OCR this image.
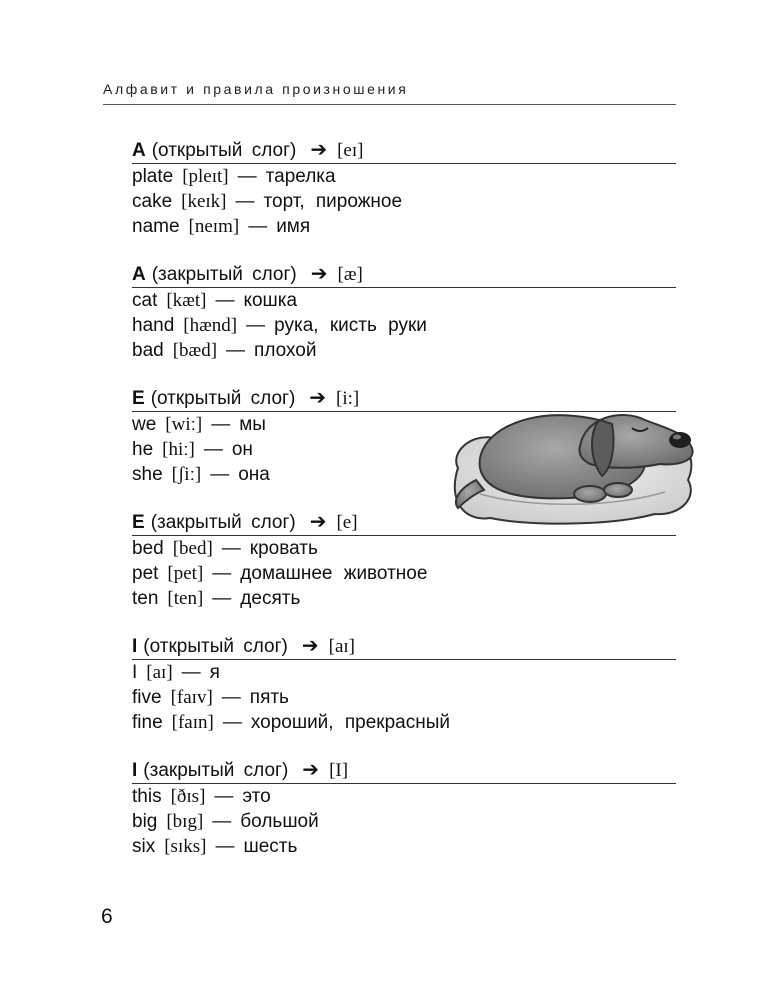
Алфавит и правила произношения
A (открытый слог) ➔ [eɪ]
plate [pleɪt] — тарелка
cake [keɪk] — торт, пирожное
name [neɪm] — имя
A (закрытый слог) ➔ [æ]
cat [kæt] — кошка
hand [hænd] — рука, кисть руки
bad [bæd] — плохой
E (открытый слог) ➔ [i:]
we [wiː] — мы
he [hiː] — он
she [ʃiː] — она
E (закрытый слог) ➔ [e]
bed [bed] — кровать
pet [pet] — домашнее животное
ten [ten] — десять
I (открытый слог) ➔ [aɪ]
I [aɪ] — я
five [faɪv] — пять
fine [faɪn] — хороший, прекрасный
I (закрытый слог) ➔ [I]
this [ðɪs] — это
big [bɪg] — большой
six [sɪks] — шесть
6
